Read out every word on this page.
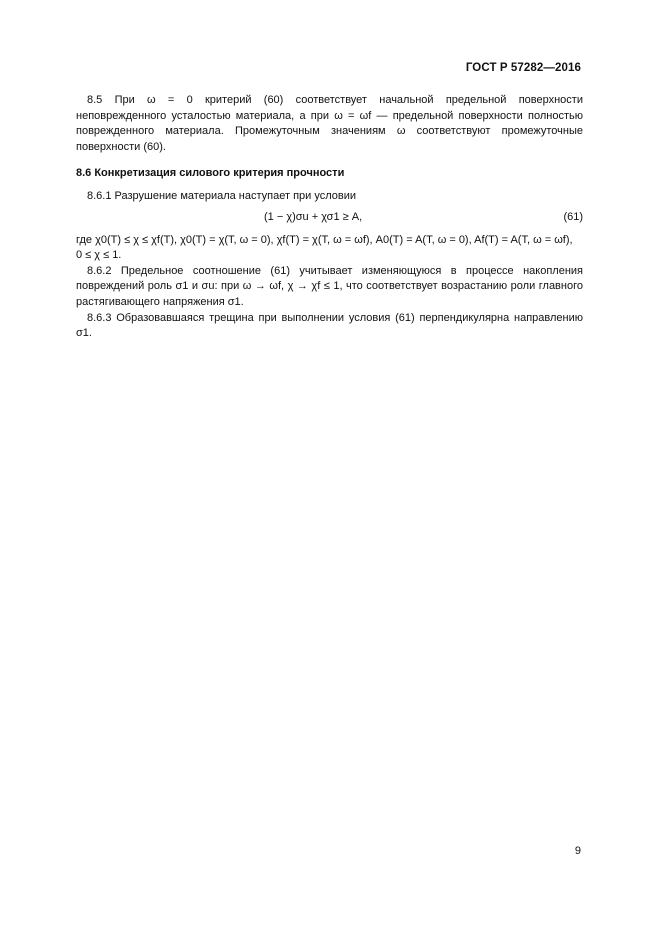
ГОСТ Р 57282—2016

8.5 При ω = 0 критерий (60) соответствует начальной предельной поверхности неповрежденного усталостью материала, а при ω = ωf — предельной поверхности полностью поврежденного материала. Промежуточным значениям ω соответствуют промежуточные поверхности (60).

8.6 Конкретизация силового критерия прочности

8.6.1 Разрушение материала наступает при условии

(1 − χ)σu + χσ1 ≥ A,	(61)

где χ0(T) ≤ χ ≤ χf(T), χ0(T) = χ(T, ω = 0), χf(T) = χ(T, ω = ωf), A0(T) = A(T, ω = 0), Af(T) = A(T, ω = ωf),

0 ≤ χ ≤ 1.

8.6.2 Предельное соотношение (61) учитывает изменяющуюся в процессе накопления повреждений роль σ1 и σu: при ω → ωf, χ → χf ≤ 1, что соответствует возрастанию роли главного растягивающего напряжения σ1.

8.6.3 Образовавшаяся трещина при выполнении условия (61) перпендикулярна направлению σ1.

9
